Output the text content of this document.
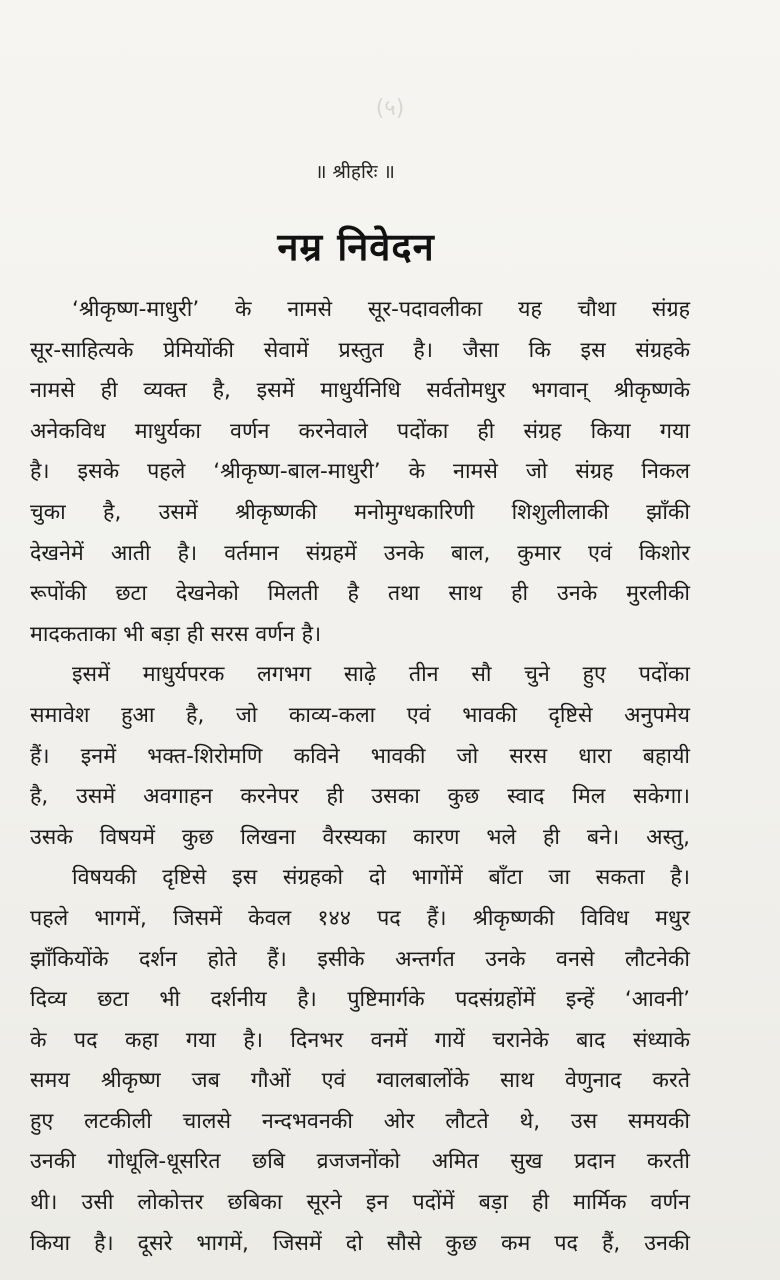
(५)
॥ श्रीहरिः ॥
नम्र निवेदन
‘श्रीकृष्ण-माधुरी’ के नामसे सूर-पदावलीका यह चौथा संग्रह
सूर-साहित्यके प्रेमियोंकी सेवामें प्रस्तुत है। जैसा कि इस संग्रहके
नामसे ही व्यक्त है, इसमें माधुर्यनिधि सर्वतोमधुर भगवान् श्रीकृष्णके
अनेकविध माधुर्यका वर्णन करनेवाले पदोंका ही संग्रह किया गया
है। इसके पहले ‘श्रीकृष्ण-बाल-माधुरी’ के नामसे जो संग्रह निकल
चुका है, उसमें श्रीकृष्णकी मनोमुग्धकारिणी शिशुलीलाकी झाँकी
देखनेमें आती है। वर्तमान संग्रहमें उनके बाल, कुमार एवं किशोर
रूपोंकी छटा देखनेको मिलती है तथा साथ ही उनके मुरलीकी
मादकताका भी बड़ा ही सरस वर्णन है।
इसमें माधुर्यपरक लगभग साढ़े तीन सौ चुने हुए पदोंका
समावेश हुआ है, जो काव्य-कला एवं भावकी दृष्टिसे अनुपमेय
हैं। इनमें भक्त-शिरोमणि कविने भावकी जो सरस धारा बहायी
है, उसमें अवगाहन करनेपर ही उसका कुछ स्वाद मिल सकेगा।
उसके विषयमें कुछ लिखना वैरस्यका कारण भले ही बने। अस्तु,
विषयकी दृष्टिसे इस संग्रहको दो भागोंमें बाँटा जा सकता है।
पहले भागमें, जिसमें केवल १४४ पद हैं। श्रीकृष्णकी विविध मधुर
झाँकियोंके दर्शन होते हैं। इसीके अन्तर्गत उनके वनसे लौटनेकी
दिव्य छटा भी दर्शनीय है। पुष्टिमार्गके पदसंग्रहोंमें इन्हें ‘आवनी’
के पद कहा गया है। दिनभर वनमें गायें चरानेके बाद संध्याके
समय श्रीकृष्ण जब गौओं एवं ग्वालबालोंके साथ वेणुनाद करते
हुए लटकीली चालसे नन्दभवनकी ओर लौटते थे, उस समयकी
उनकी गोधूलि-धूसरित छबि व्रजजनोंको अमित सुख प्रदान करती
थी। उसी लोकोत्तर छबिका सूरने इन पदोंमें बड़ा ही मार्मिक वर्णन
किया है। दूसरे भागमें, जिसमें दो सौसे कुछ कम पद हैं, उनकी
